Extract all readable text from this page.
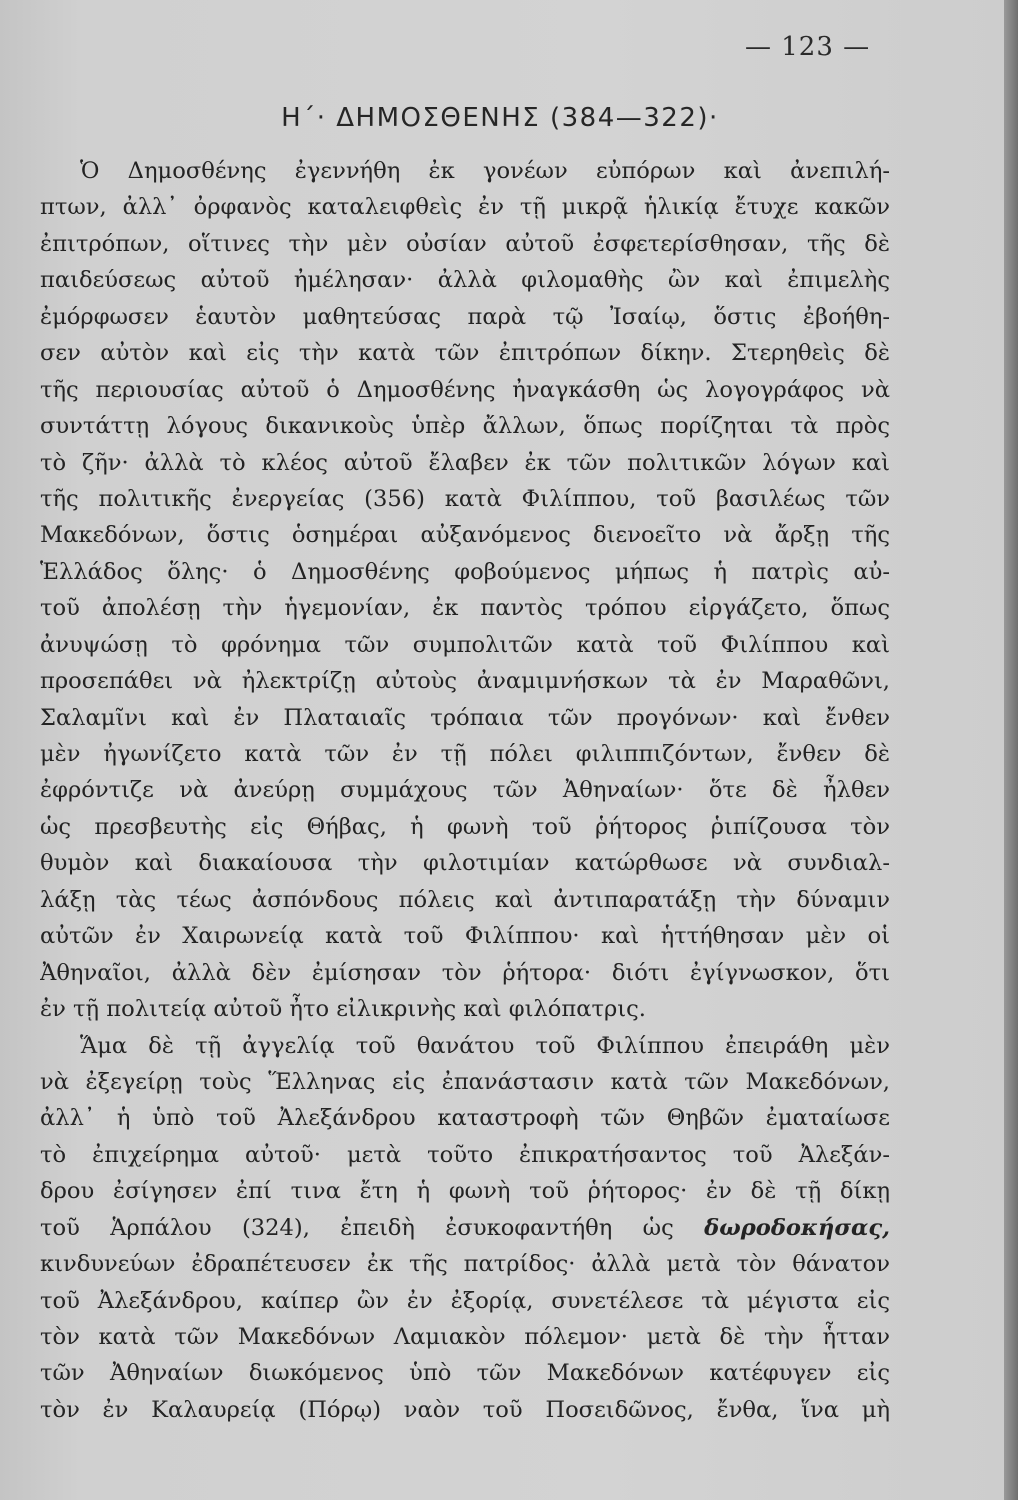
— 123 —
Η΄· ΔΗΜΟΣΘΕΝΗΣ (384—322)·
Ὁ Δημοσθένης ἐγεννήθη ἐκ γονέων εὐπόρων καὶ ἀνεπιλή-
πτων, ἀλλ᾽ ὀρφανὸς καταλειφθεὶς ἐν τῇ μικρᾷ ἡλικίᾳ ἔτυχε κακῶν
ἐπιτρόπων, οἵτινες τὴν μὲν οὐσίαν αὐτοῦ ἐσφετερίσθησαν, τῆς δὲ
παιδεύσεως αὐτοῦ ἠμέλησαν· ἀλλὰ φιλομαθὴς ὢν καὶ ἐπιμελὴς
ἐμόρφωσεν ἑαυτὸν μαθητεύσας παρὰ τῷ Ἰσαίῳ, ὅστις ἐβοήθη-
σεν αὐτὸν καὶ εἰς τὴν κατὰ τῶν ἐπιτρόπων δίκην. Στερηθεὶς δὲ
τῆς περιουσίας αὐτοῦ ὁ Δημοσθένης ἠναγκάσθη ὡς λογογράφος νὰ
συντάττῃ λόγους δικανικοὺς ὑπὲρ ἄλλων, ὅπως πορίζηται τὰ πρὸς
τὸ ζῆν· ἀλλὰ τὸ κλέος αὐτοῦ ἔλαβεν ἐκ τῶν πολιτικῶν λόγων καὶ
τῆς πολιτικῆς ἐνεργείας (356) κατὰ Φιλίππου, τοῦ βασιλέως τῶν
Μακεδόνων, ὅστις ὁσημέραι αὐξανόμενος διενοεῖτο νὰ ἄρξῃ τῆς
Ἑλλάδος ὅλης· ὁ Δημοσθένης φοβούμενος μήπως ἡ πατρὶς αὐ-
τοῦ ἀπολέσῃ τὴν ἡγεμονίαν, ἐκ παντὸς τρόπου εἰργάζετο, ὅπως
ἀνυψώσῃ τὸ φρόνημα τῶν συμπολιτῶν κατὰ τοῦ Φιλίππου καὶ
προσεπάθει νὰ ἠλεκτρίζῃ αὐτοὺς ἀναμιμνήσκων τὰ ἐν Μαραθῶνι,
Σαλαμῖνι καὶ ἐν Πλαταιαῖς τρόπαια τῶν προγόνων· καὶ ἔνθεν
μὲν ἠγωνίζετο κατὰ τῶν ἐν τῇ πόλει φιλιππιζόντων, ἔνθεν δὲ
ἐφρόντιζε νὰ ἀνεύρῃ συμμάχους τῶν Ἀθηναίων· ὅτε δὲ ἦλθεν
ὡς πρεσβευτὴς εἰς Θήβας, ἡ φωνὴ τοῦ ῥήτορος ῥιπίζουσα τὸν
θυμὸν καὶ διακαίουσα τὴν φιλοτιμίαν κατώρθωσε νὰ συνδιαλ-
λάξῃ τὰς τέως ἀσπόνδους πόλεις καὶ ἀντιπαρατάξῃ τὴν δύναμιν
αὐτῶν ἐν Χαιρωνείᾳ κατὰ τοῦ Φιλίππου· καὶ ἡττήθησαν μὲν οἱ
Ἀθηναῖοι, ἀλλὰ δὲν ἐμίσησαν τὸν ῥήτορα· διότι ἐγίγνωσκον, ὅτι
ἐν τῇ πολιτείᾳ αὐτοῦ ἦτο εἰλικρινὴς καὶ φιλόπατρις.
Ἅμα δὲ τῇ ἀγγελίᾳ τοῦ θανάτου τοῦ Φιλίππου ἐπειράθη μὲν
νὰ ἐξεγείρῃ τοὺς Ἕλληνας εἰς ἐπανάστασιν κατὰ τῶν Μακεδόνων,
ἀλλ᾽ ἡ ὑπὸ τοῦ Ἀλεξάνδρου καταστροφὴ τῶν Θηβῶν ἐματαίωσε
τὸ ἐπιχείρημα αὐτοῦ· μετὰ τοῦτο ἐπικρατήσαντος τοῦ Ἀλεξάν-
δρου ἐσίγησεν ἐπί τινα ἔτη ἡ φωνὴ τοῦ ῥήτορος· ἐν δὲ τῇ δίκῃ
τοῦ Ἁρπάλου (324), ἐπειδὴ ἐσυκοφαντήθη ὡς δωροδοκήσας,
κινδυνεύων ἐδραπέτευσεν ἐκ τῆς πατρίδος· ἀλλὰ μετὰ τὸν θάνατον
τοῦ Ἀλεξάνδρου, καίπερ ὢν ἐν ἐξορίᾳ, συνετέλεσε τὰ μέγιστα εἰς
τὸν κατὰ τῶν Μακεδόνων Λαμιακὸν πόλεμον· μετὰ δὲ τὴν ἧτταν
τῶν Ἀθηναίων διωκόμενος ὑπὸ τῶν Μακεδόνων κατέφυγεν εἰς
τὸν ἐν Καλαυρείᾳ (Πόρῳ) ναὸν τοῦ Ποσειδῶνος, ἔνθα, ἵνα μὴ
